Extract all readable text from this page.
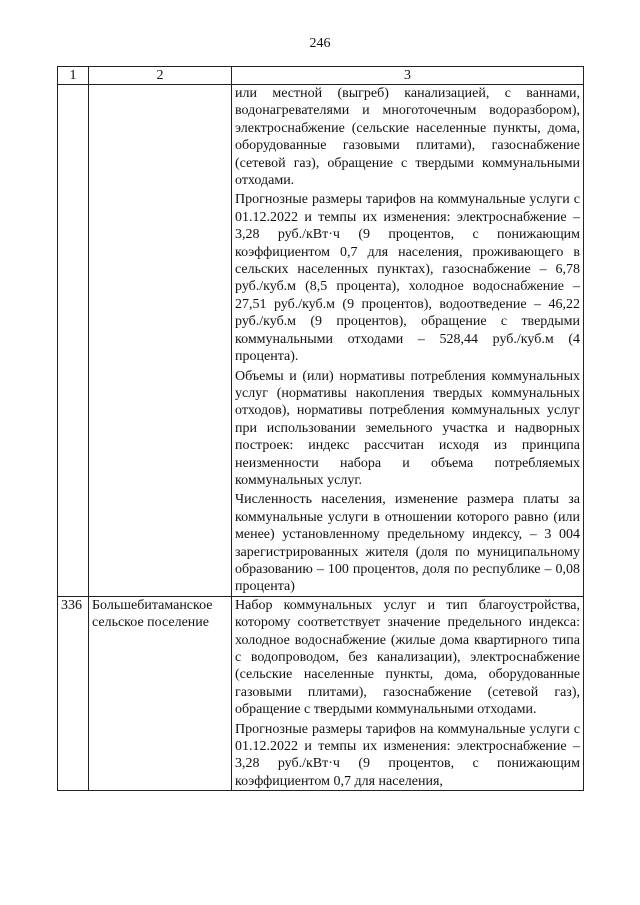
246
1	2	3

		или местной (выгреб) канализацией, с ваннами, водонагревателями и многоточечным водоразбором), электроснабжение (сельские населенные пункты, дома, оборудованные газовыми плитами), газоснабжение (сетевой газ), обращение с твердыми коммунальными отходами.

Прогнозные размеры тарифов на коммунальные услуги с 01.12.2022 и темпы их изменения: электроснабжение – 3,28 руб./кВт·ч (9 процентов, с понижающим коэффициентом 0,7 для населения, проживающего в сельских населенных пунктах), газоснабжение – 6,78 руб./куб.м (8,5 процента), холодное водоснабжение – 27,51 руб./куб.м (9 процентов), водоотведение – 46,22 руб./куб.м (9 процентов), обращение с твердыми коммунальными отходами – 528,44 руб./куб.м (4 процента).

Объемы и (или) нормативы потребления коммунальных услуг (нормативы накопления твердых коммунальных отходов), нормативы потребления коммунальных услуг при использовании земельного участка и надворных построек: индекс рассчитан исходя из принципа неизменности набора и объема потребляемых коммунальных услуг.

Численность населения, изменение размера платы за коммунальные услуги в отношении которого равно (или менее) установленному предельному индексу, – 3 004 зарегистрированных жителя (доля по муниципальному образованию – 100 процентов, доля по республике – 0,08 процента)

336	Большебитаманское сельское поселение	Набор коммунальных услуг и тип благоустройства, которому соответствует значение предельного индекса: холодное водоснабжение (жилые дома квартирного типа с водопроводом, без канализации), электроснабжение (сельские населенные пункты, дома, оборудованные газовыми плитами), газоснабжение (сетевой газ), обращение с твердыми коммунальными отходами.

Прогнозные размеры тарифов на коммунальные услуги с 01.12.2022 и темпы их изменения: электроснабжение – 3,28 руб./кВт·ч (9 процентов, с понижающим коэффициентом 0,7 для населения,
